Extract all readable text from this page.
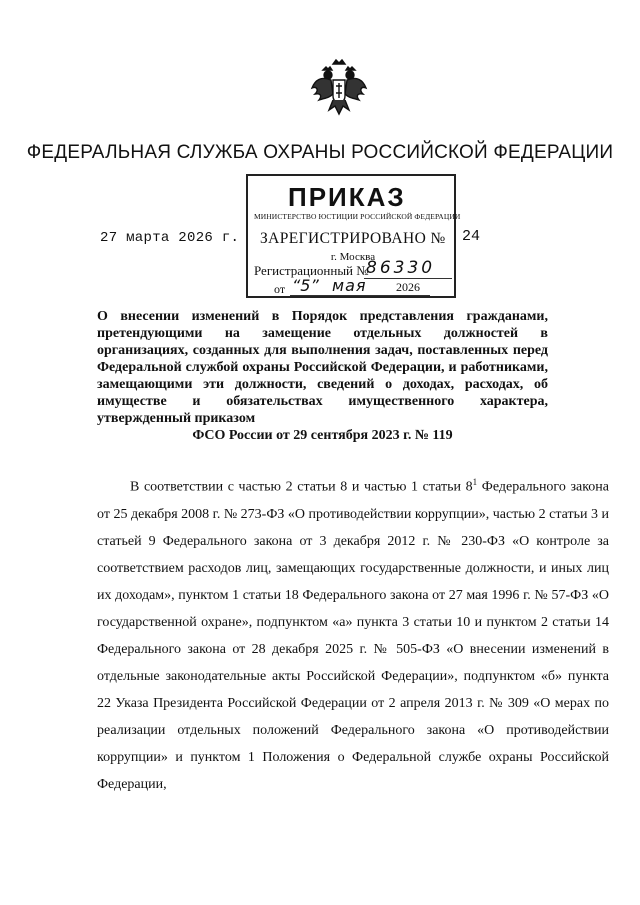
ФЕДЕРАЛЬНАЯ СЛУЖБА ОХРАНЫ РОССИЙСКОЙ ФЕДЕРАЦИИ
27 марта 2026 г.	24
МИНИСТЕРСТВО ЮСТИЦИИ РОССИЙСКОЙ ФЕДЕРАЦИИ
ЗАРЕГИСТРИРОВАНО №
г. Москва
Регистрационный №
86330
от “5” мая 2026
ПРИКАЗ
О внесении изменений в Порядок представления гражданами, претендующими на замещение отдельных должностей в организациях, созданных для выполнения задач, поставленных перед Федеральной службой охраны Российской Федерации, и работниками, замещающими эти должности, сведений о доходах, расходах, об имуществе и обязательствах имущественного характера, утвержденный приказом
ФСО России от 29 сентября 2023 г. № 119
В соответствии с частью 2 статьи 8 и частью 1 статьи $8^1$ Федерального закона от 25 декабря 2008 г. № 273-ФЗ «О противодействии коррупции», частью 2 статьи 3 и статьей 9 Федерального закона от 3 декабря 2012 г. № 230-ФЗ «О контроле за соответствием расходов лиц, замещающих государственные должности, и иных лиц их доходам», пунктом 1 статьи 18 Федерального закона от 27 мая 1996 г. № 57-ФЗ «О государственной охране», подпунктом «а» пункта 3 статьи 10 и пунктом 2 статьи 14 Федерального закона от 28 декабря 2025 г. № 505-ФЗ «О внесении изменений в отдельные законодательные акты Российской Федерации», подпунктом «б» пункта 22 Указа Президента Российской Федерации от 2 апреля 2013 г. № 309 «О мерах по реализации отдельных положений Федерального закона «О противодействии коррупции» и пунктом 1 Положения о Федеральной службе охраны Российской Федерации,
